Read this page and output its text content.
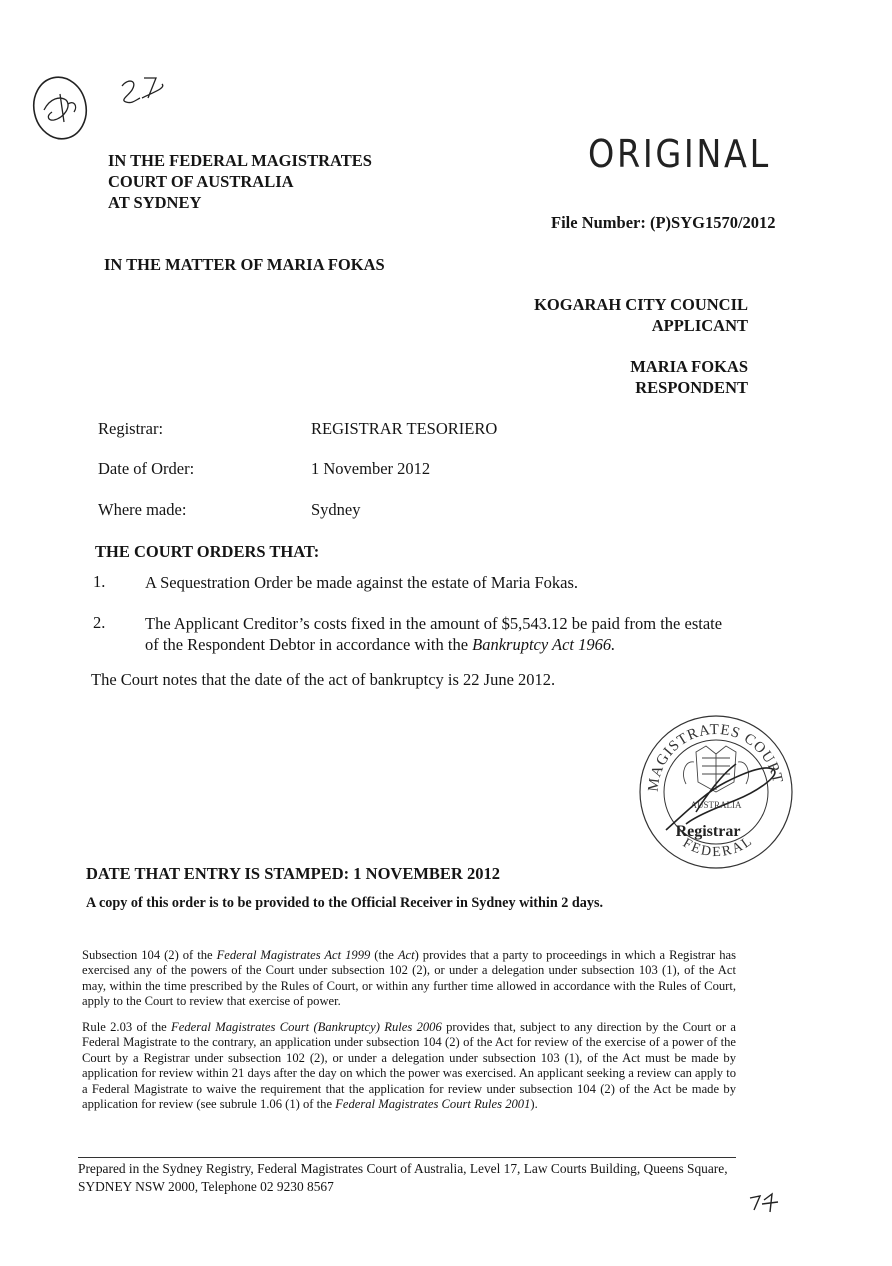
IN THE FEDERAL MAGISTRATES
COURT OF AUSTRALIA
AT SYDNEY
ORIGINAL
File Number: (P)SYG1570/2012
IN THE MATTER OF MARIA FOKAS
KOGARAH CITY COUNCIL
APPLICANT
MARIA FOKAS
RESPONDENT
Registrar:	REGISTRAR TESORIERO
Date of Order:	1 November 2012
Where made:	Sydney
THE COURT ORDERS THAT:
1. A Sequestration Order be made against the estate of Maria Fokas.
2. The Applicant Creditor’s costs fixed in the amount of $5,543.12 be paid from the estate of the Respondent Debtor in accordance with the Bankruptcy Act 1966.
The Court notes that the date of the act of bankruptcy is 22 June 2012.
MAGISTRATES COURT OF AUSTRALIA
FEDERAL
AUSTRALIA
Registrar
DATE THAT ENTRY IS STAMPED: 1 NOVEMBER 2012
A copy of this order is to be provided to the Official Receiver in Sydney within 2 days.
Subsection 104 (2) of the Federal Magistrates Act 1999 (the Act) provides that a party to proceedings in which a Registrar has exercised any of the powers of the Court under subsection 102 (2), or under a delegation under subsection 103 (1), of the Act may, within the time prescribed by the Rules of Court, or within any further time allowed in accordance with the Rules of Court, apply to the Court to review that exercise of power.
Rule 2.03 of the Federal Magistrates Court (Bankruptcy) Rules 2006 provides that, subject to any direction by the Court or a Federal Magistrate to the contrary, an application under subsection 104 (2) of the Act for review of the exercise of a power of the Court by a Registrar under subsection 102 (2), or under a delegation under subsection 103 (1), of the Act must be made by application for review within 21 days after the day on which the power was exercised. An applicant seeking a review can apply to a Federal Magistrate to waive the requirement that the application for review under subsection 104 (2) of the Act be made by application for review (see subrule 1.06 (1) of the Federal Magistrates Court Rules 2001).
Prepared in the Sydney Registry, Federal Magistrates Court of Australia, Level 17, Law Courts Building, Queens Square, SYDNEY NSW 2000, Telephone 02 9230 8567
